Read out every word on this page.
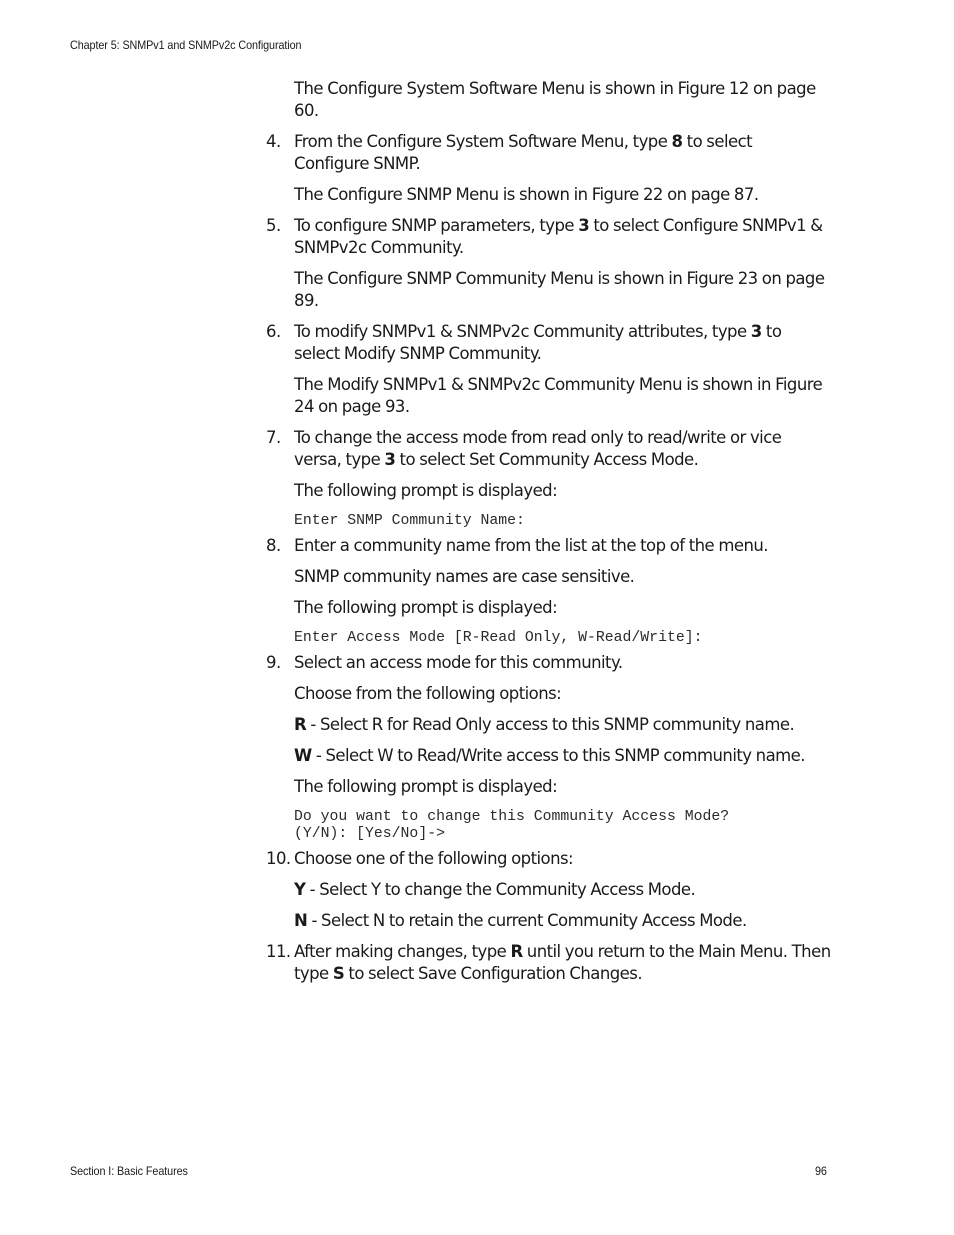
Chapter 5: SNMPv1 and SNMPv2c Configuration
The Configure System Software Menu is shown in Figure 12 on page 60.
4. From the Configure System Software Menu, type 8 to select Configure SNMP.
The Configure SNMP Menu is shown in Figure 22 on page 87.
5. To configure SNMP parameters, type 3 to select Configure SNMPv1 & SNMPv2c Community.
The Configure SNMP Community Menu is shown in Figure 23 on page 89.
6. To modify SNMPv1 & SNMPv2c Community attributes, type 3 to select Modify SNMP Community.
The Modify SNMPv1 & SNMPv2c Community Menu is shown in Figure 24 on page 93.
7. To change the access mode from read only to read/write or vice versa, type 3 to select Set Community Access Mode.
The following prompt is displayed:
Enter SNMP Community Name:
8. Enter a community name from the list at the top of the menu.
SNMP community names are case sensitive.
The following prompt is displayed:
Enter Access Mode [R-Read Only, W-Read/Write]:
9. Select an access mode for this community.
Choose from the following options:
R - Select R for Read Only access to this SNMP community name.
W - Select W to Read/Write access to this SNMP community name.
The following prompt is displayed:
Do you want to change this Community Access Mode?
(Y/N): [Yes/No]->
10. Choose one of the following options:
Y - Select Y to change the Community Access Mode.
N - Select N to retain the current Community Access Mode.
11. After making changes, type R until you return to the Main Menu. Then type S to select Save Configuration Changes.
Section I: Basic Features	96
